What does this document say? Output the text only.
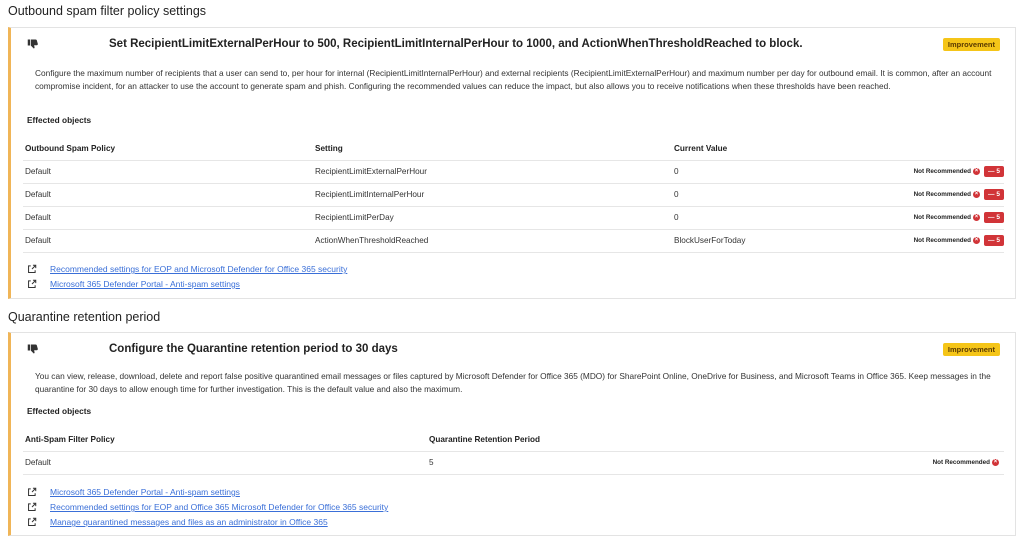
Outbound spam filter policy settings
Set RecipientLimitExternalPerHour to 500, RecipientLimitInternalPerHour to 1000, and ActionWhenThresholdReached to block.	Improvement
Configure the maximum number of recipients that a user can send to, per hour for internal (RecipientLimitInternalPerHour) and external recipients (RecipientLimitExternalPerHour) and maximum number per day for outbound email. It is common, after an account compromise incident, for an attacker to use the account to generate spam and phish. Configuring the recommended values can reduce the impact, but also allows you to receive notifications when these thresholds have been reached.
Effected objects
Outbound Spam Policy	Setting	Current Value	
Default	RecipientLimitExternalPerHour	0	Not Recommended × — 5
Default	RecipientLimitInternalPerHour	0	Not Recommended × — 5
Default	RecipientLimitPerDay	0	Not Recommended × — 5
Default	ActionWhenThresholdReached	BlockUserForToday	Not Recommended × — 5
Recommended settings for EOP and Microsoft Defender for Office 365 security
Microsoft 365 Defender Portal - Anti-spam settings
Quarantine retention period
Configure the Quarantine retention period to 30 days	Improvement
You can view, release, download, delete and report false positive quarantined email messages or files captured by Microsoft Defender for Office 365 (MDO) for SharePoint Online, OneDrive for Business, and Microsoft Teams in Office 365. Keep messages in the quarantine for 30 days to allow enough time for further investigation. This is the default value and also the maximum.
Effected objects
Anti-Spam Filter Policy	Quarantine Retention Period	
Default	5	Not Recommended ×
Microsoft 365 Defender Portal - Anti-spam settings
Recommended settings for EOP and Office 365 Microsoft Defender for Office 365 security
Manage quarantined messages and files as an administrator in Office 365
